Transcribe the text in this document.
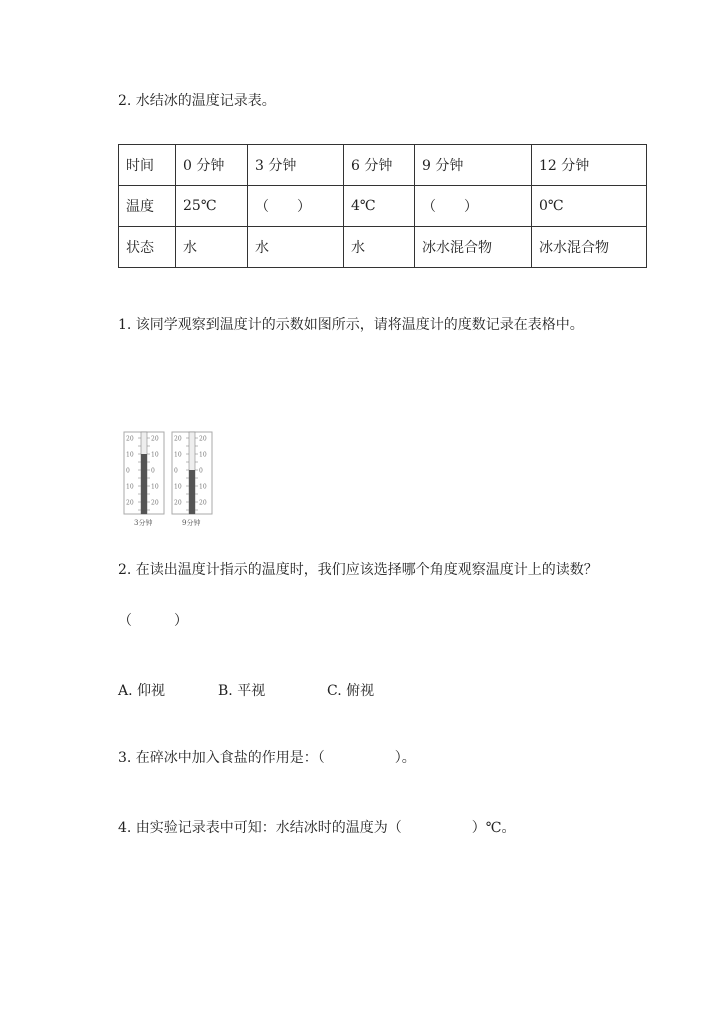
2. 水结冰的温度记录表。
时间	0 分钟	3 分钟	6 分钟	9 分钟	12 分钟
温度	25℃	（　　）	4℃	（　　）	0℃
状态	水	水	水	冰水混合物	冰水混合物
1. 该同学观察到温度计的示数如图所示，请将温度计的度数记录在表格中。
20	20
10	10
0	0
10	10
20	20
3分钟
20	20
10	10
0	0
10	10
20	20
9分钟
2. 在读出温度计指示的温度时，我们应该选择哪个角度观察温度计上的读数？
（　　　）
A. 仰视	B. 平视	C. 俯视
3. 在碎冰中加入食盐的作用是：（　　　　　）。
4. 由实验记录表中可知：水结冰时的温度为（　　　　　）℃。
